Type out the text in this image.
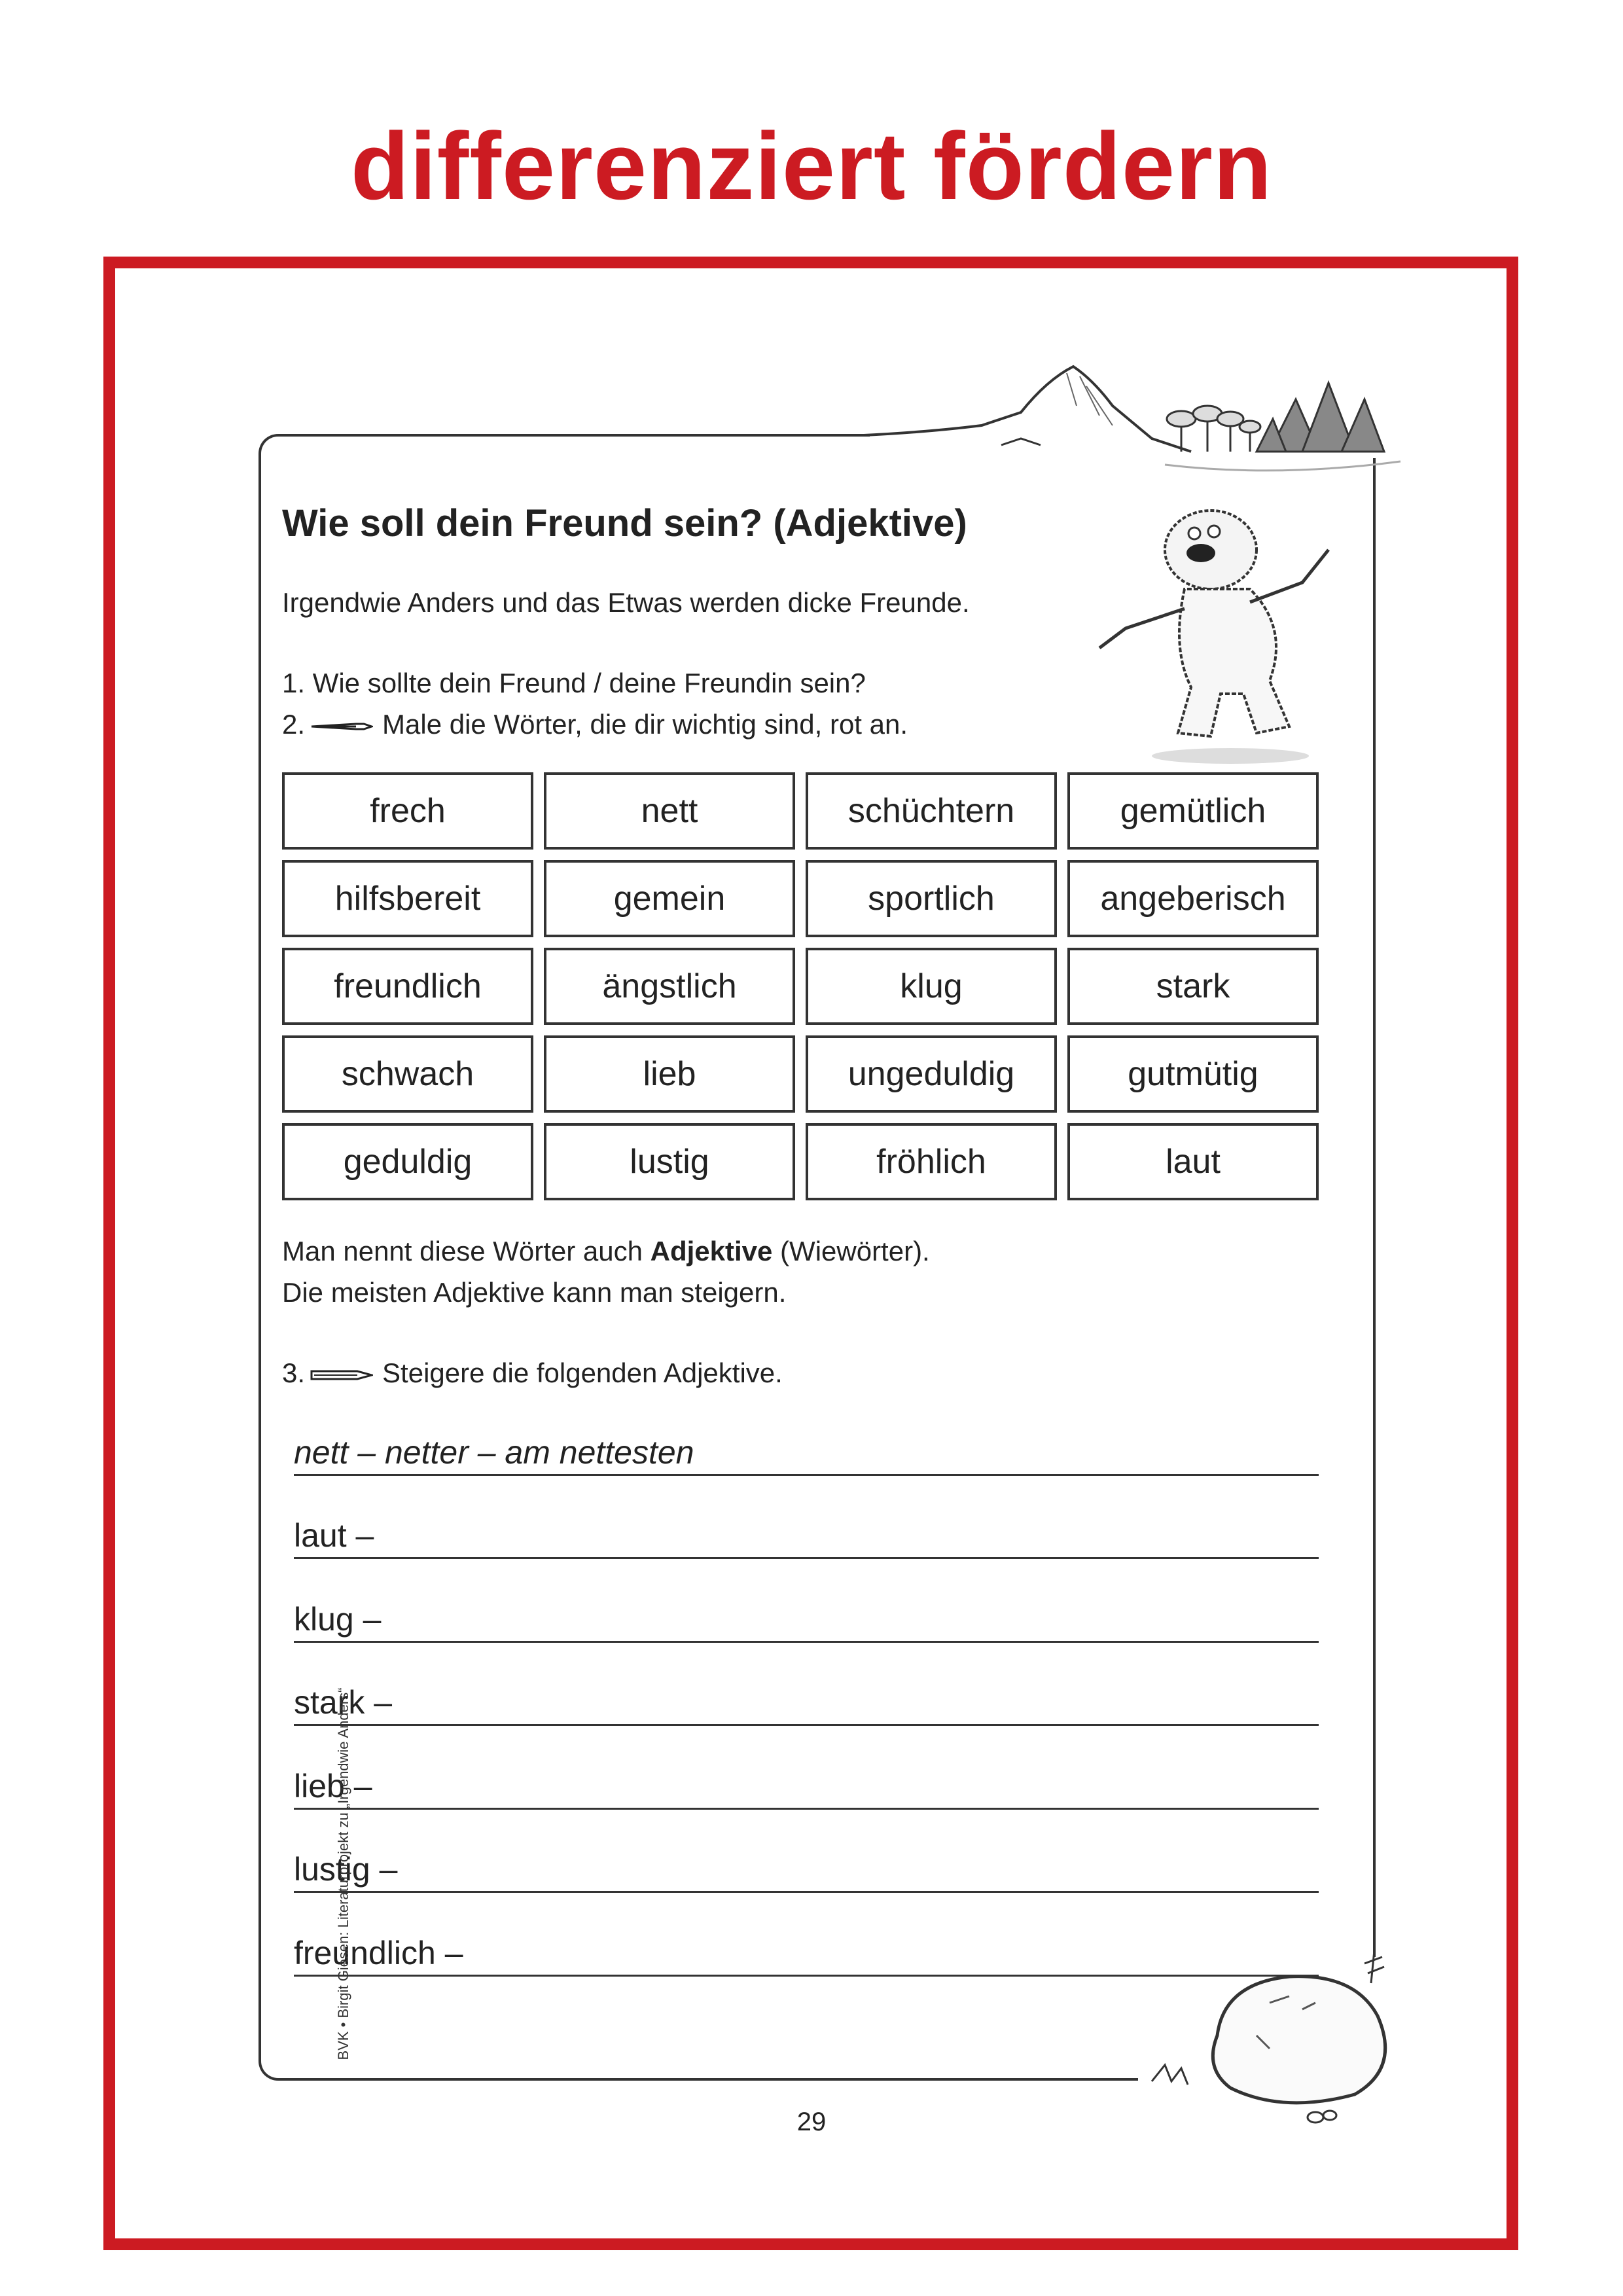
differenziert fördern
Wie soll dein Freund sein? (Adjektive)
Irgendwie Anders und das Etwas werden dicke Freunde.
1. Wie sollte dein Freund / deine Freundin sein?
2.	Male die Wörter, die dir wichtig sind, rot an.
frech	nett	schüchtern	gemütlich
hilfsbereit	gemein	sportlich	angeberisch
freundlich	ängstlich	klug	stark
schwach	lieb	ungeduldig	gutmütig
geduldig	lustig	fröhlich	laut
Man nennt diese Wörter auch Adjektive (Wiewörter).
Die meisten Adjektive kann man steigern.
3.	Steigere die folgenden Adjektive.
nett – netter – am nettesten
laut –
klug –
stark –
lieb –
lustig –
freundlich –
29
BVK • Birgit Giesen: Literaturprojekt zu „Irgendwie Anders“
